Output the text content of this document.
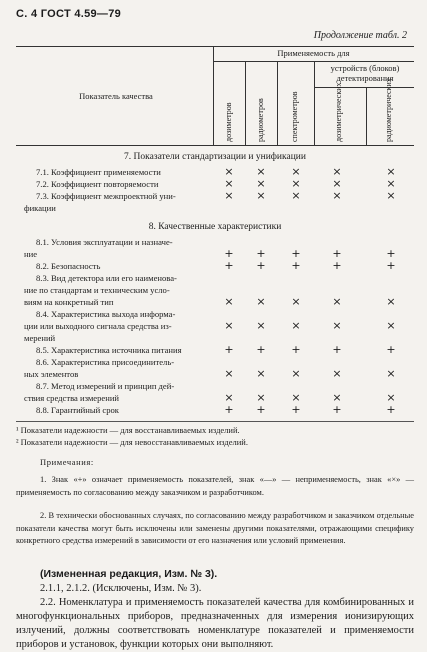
С. 4 ГОСТ 4.59—79
Продолжение табл. 2
Показатель качества
Применяемость для
устройств (блоков) детектирования
дозиметров	радиометров	спектрометров	дозиметрических	радиометрических
7. Показатели стандартизации и унификации
7.1. Коэффициент применяемости	× × ×	×	×
7.2. Коэффициент повторяемости	× × ×	×	×
7.3. Коэффициент межпроектной уни-	× × ×	×	×
фикации
8. Качественные характеристики
8.1. Условия эксплуатации и назначе-
ние	+ + +	+	+
8.2. Безопасность	+ + +	+	+
8.3. Вид детектора или его наименова-
ние по стандартам и техническим усло-
виям на конкретный тип	× × ×	×	×
8.4. Характеристика выхода информа-
ции или выходного сигнала средства из-	× × ×	×	×
мерений
8.5. Характеристика источника питания	+ + +	+	+
8.6. Характеристика присоединитель-
ных элементов	× × ×	×	×
8.7. Метод измерений и принцип дей-
ствия средства измерений	× × ×	×	×
8.8. Гарантийный срок	+ + +	+	+
¹ Показатели надежности — для восстанавливаемых изделий.
² Показатели надежности — для невосстанавливаемых изделий.
Примечания:
1. Знак «+» означает применяемость показателей, знак «—» — неприменяемость, знак «×» — применяемость по согласованию между заказчиком и разработчиком.
2. В технически обоснованных случаях, по согласованию между разработчиком и заказчиком отдельные показатели качества могут быть исключены или заменены другими показателями, отражающими специфику конкретного средства измерений в зависимости от его назначения или условий применения.
(Измененная редакция, Изм. № 3).
2.1.1, 2.1.2. (Исключены, Изм. № 3).
2.2. Номенклатура и применяемость показателей качества для комбинированных и многофункциональных приборов, предназначенных для измерения ионизирующих излучений, должны соответствовать номенклатуре показателей и применяемости приборов и установок, функции которых они выполняют.
